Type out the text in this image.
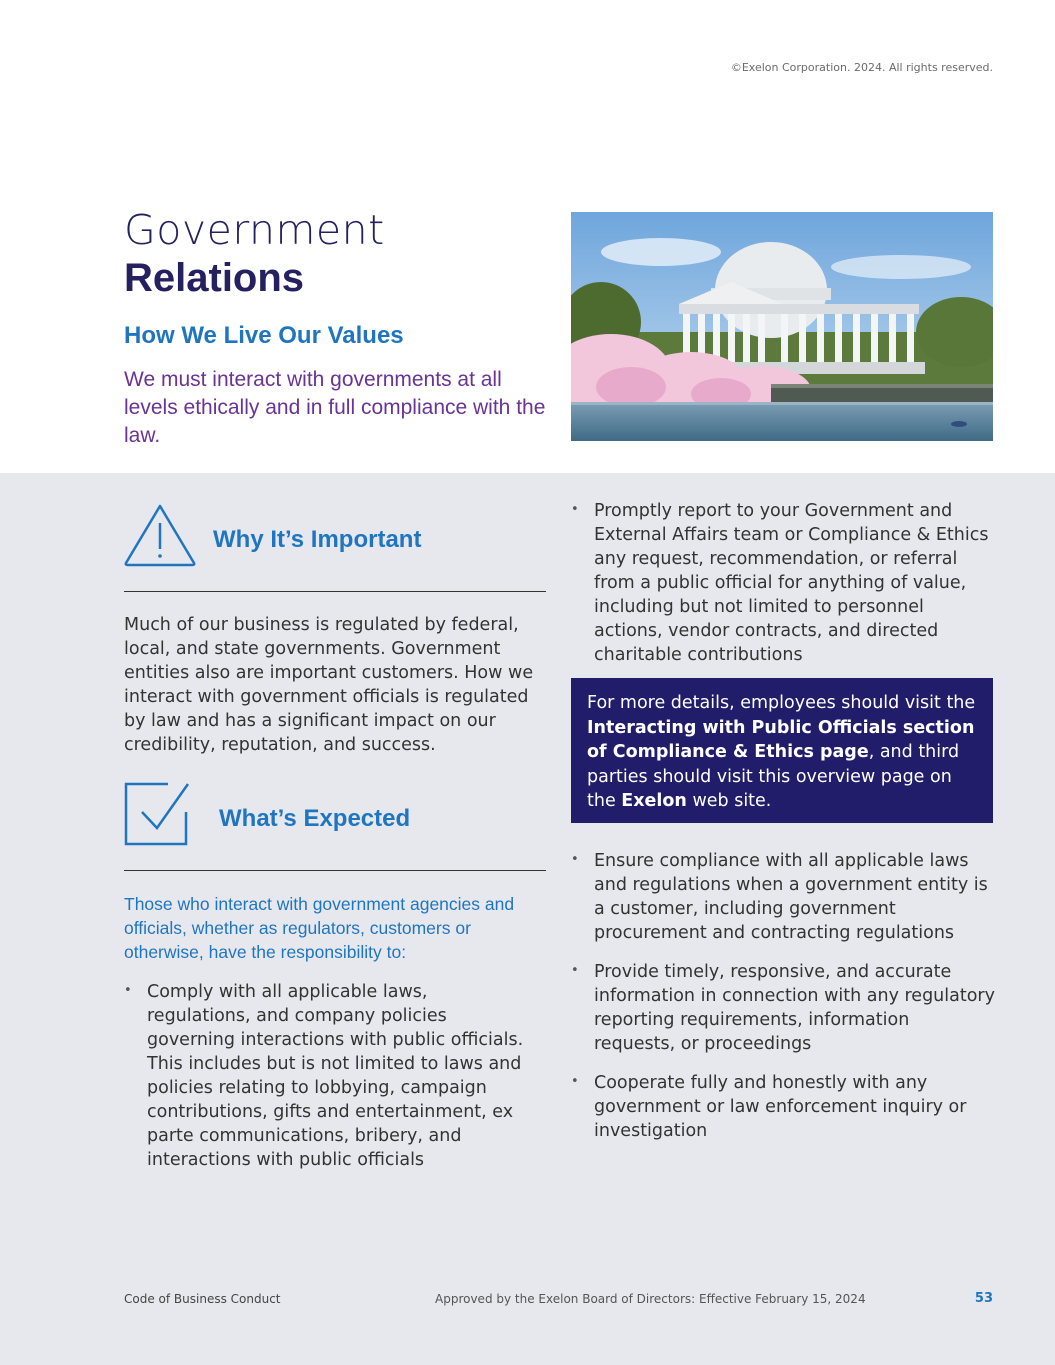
©Exelon Corporation. 2024. All rights reserved.
Government
Relations
How We Live Our Values
We must interact with governments at all levels ethically and in full compliance with the law.
Why It’s Important
Much of our business is regulated by federal, local, and state governments. Government entities also are important customers. How we interact with government officials is regulated by law and has a significant impact on our credibility, reputation, and success.
What’s Expected
Those who interact with government agencies and officials, whether as regulators, customers or otherwise, have the responsibility to:
• Comply with all applicable laws, regulations, and company policies governing interactions with public officials. This includes but is not limited to laws and policies relating to lobbying, campaign contributions, gifts and entertainment, ex parte communications, bribery, and interactions with public officials
• Promptly report to your Government and External Affairs team or Compliance & Ethics any request, recommendation, or referral from a public official for anything of value, including but not limited to personnel actions, vendor contracts, and directed charitable contributions
For more details, employees should visit the Interacting with Public Officials section of Compliance & Ethics page, and third parties should visit this overview page on the Exelon web site.
• Ensure compliance with all applicable laws and regulations when a government entity is a customer, including government procurement and contracting regulations
• Provide timely, responsive, and accurate information in connection with any regulatory reporting requirements, information requests, or proceedings
• Cooperate fully and honestly with any government or law enforcement inquiry or investigation
Code of Business Conduct	Approved by the Exelon Board of Directors: Effective February 15, 2024	53
